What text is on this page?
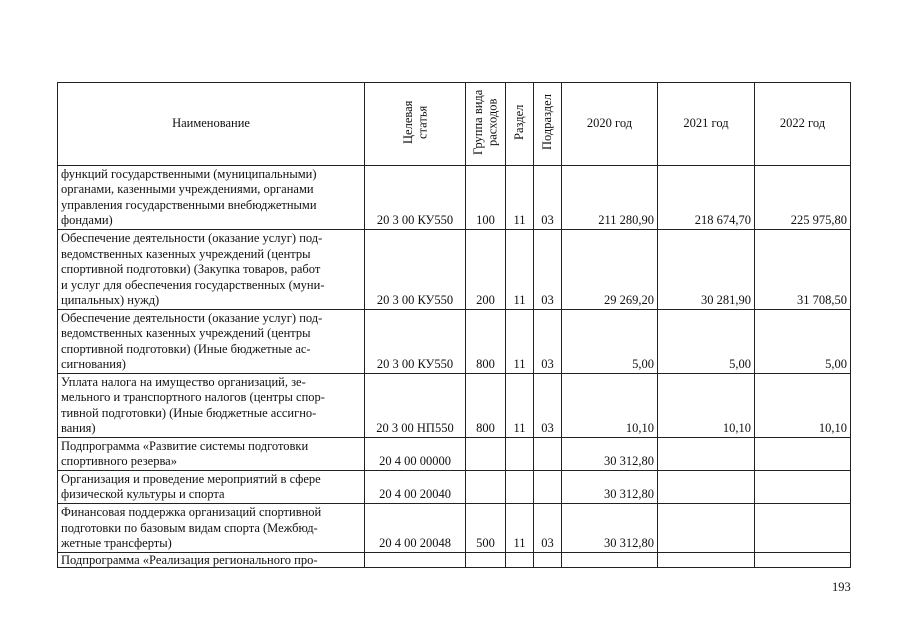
Наименование	Целевая статья	Группа вида расходов	Раздел	Подраздел	2020 год	2021 год	2022 год

функций государственными (муниципальными)
органами, казенными учреждениями, органами
управления государственными внебюджетными
фондами)	20 3 00 КУ550	100	11	03	211 280,90	218 674,70	225 975,80

Обеспечение деятельности (оказание услуг) под-
ведомственных казенных учреждений (центры
спортивной подготовки) (Закупка товаров, работ
и услуг для обеспечения государственных (муни-
ципальных) нужд)	20 3 00 КУ550	200	11	03	29 269,20	30 281,90	31 708,50

Обеспечение деятельности (оказание услуг) под-
ведомственных казенных учреждений (центры
спортивной подготовки) (Иные бюджетные ас-
сигнования)	20 3 00 КУ550	800	11	03	5,00	5,00	5,00

Уплата налога на имущество организаций, зе-
мельного и транспортного налогов (центры спор-
тивной подготовки) (Иные бюджетные ассигно-
вания)	20 3 00 НП550	800	11	03	10,10	10,10	10,10

Подпрограмма «Развитие системы подготовки
спортивного резерва»	20 4 00 00000				30 312,80		

Организация и проведение мероприятий в сфере
физической культуры и спорта	20 4 00 20040				30 312,80		

Финансовая поддержка организаций спортивной
подготовки по базовым видам спорта (Межбюд-
жетные трансферты)	20 4 00 20048	500	11	03	30 312,80		

Подпрограмма «Реализация регионального про-							

193
